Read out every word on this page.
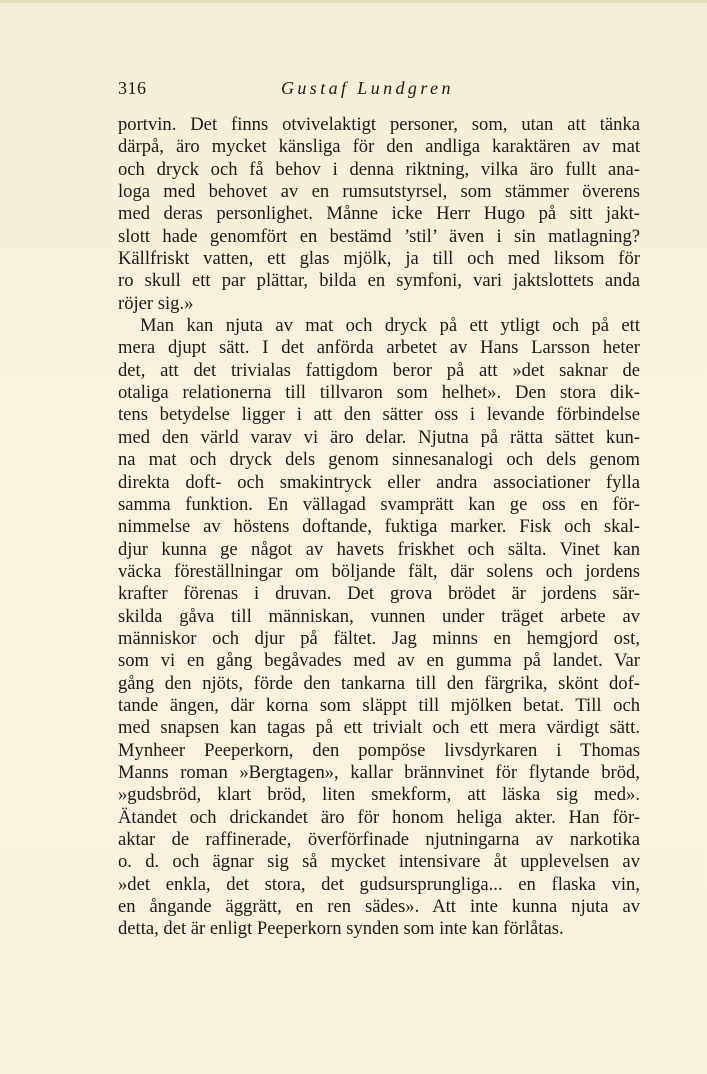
316	Gustaf Lundgren
portvin. Det finns otvivelaktigt personer, som, utan att tänka
därpå, äro mycket känsliga för den andliga karaktären av mat
och dryck och få behov i denna riktning, vilka äro fullt ana-
loga med behovet av en rumsutstyrsel, som stämmer överens
med deras personlighet. Månne icke Herr Hugo på sitt jakt-
slott hade genomfört en bestämd ’stil’ även i sin matlagning?
Källfriskt vatten, ett glas mjölk, ja till och med liksom för
ro skull ett par plättar, bilda en symfoni, vari jaktslottets anda
röjer sig.»
Man kan njuta av mat och dryck på ett ytligt och på ett
mera djupt sätt. I det anförda arbetet av Hans Larsson heter
det, att det trivialas fattigdom beror på att »det saknar de
otaliga relationerna till tillvaron som helhet». Den stora dik-
tens betydelse ligger i att den sätter oss i levande förbindelse
med den värld varav vi äro delar. Njutna på rätta sättet kun-
na mat och dryck dels genom sinnesanalogi och dels genom
direkta doft- och smakintryck eller andra associationer fylla
samma funktion. En vällagad svamprätt kan ge oss en för-
nimmelse av höstens doftande, fuktiga marker. Fisk och skal-
djur kunna ge något av havets friskhet och sälta. Vinet kan
väcka föreställningar om böljande fält, där solens och jordens
krafter förenas i druvan. Det grova brödet är jordens sär-
skilda gåva till människan, vunnen under träget arbete av
människor och djur på fältet. Jag minns en hemgjord ost,
som vi en gång begåvades med av en gumma på landet. Var
gång den njöts, förde den tankarna till den färgrika, skönt dof-
tande ängen, där korna som släppt till mjölken betat. Till och
med snapsen kan tagas på ett trivialt och ett mera värdigt sätt.
Mynheer Peeperkorn, den pompöse livsdyrkaren i Thomas
Manns roman »Bergtagen», kallar brännvinet för flytande bröd,
»gudsbröd, klart bröd, liten smekform, att läska sig med».
Ätandet och drickandet äro för honom heliga akter. Han för-
aktar de raffinerade, överförfinade njutningarna av narkotika
o. d. och ägnar sig så mycket intensivare åt upplevelsen av
»det enkla, det stora, det gudsursprungliga... en flaska vin,
en ångande äggrätt, en ren sädes». Att inte kunna njuta av
detta, det är enligt Peeperkorn synden som inte kan förlåtas.
